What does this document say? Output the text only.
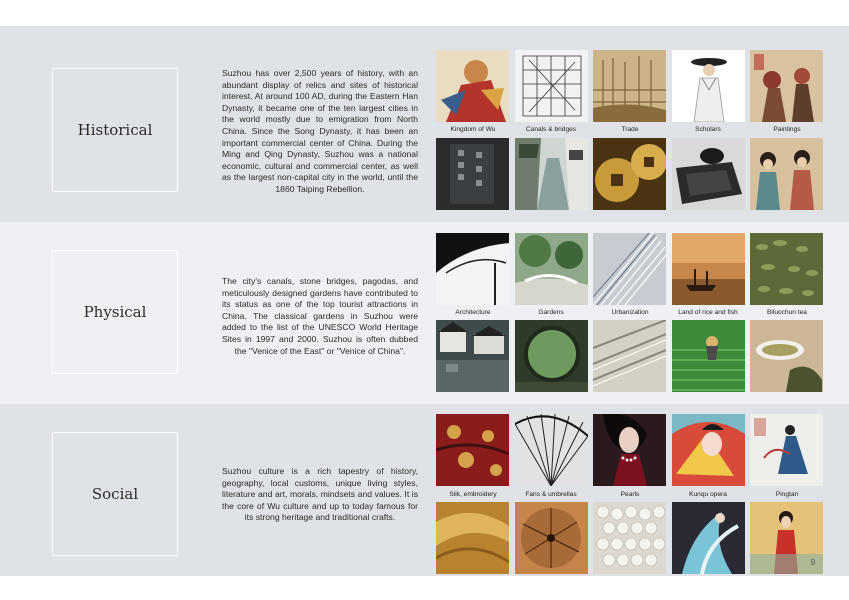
Historical

Suzhou has over 2,500 years of history, with an abundant display of relics and sites of historical interest. At around 100 AD, during the Eastern Han Dynasty, it became one of the ten largest cities in the world mostly due to emigration from North China. Since the Song Dynasty, it has been an important commercial center of China. During the Ming and Qing Dynasty, Suzhou was a national economic, cultural and commercial center, as well as the largest non-capital city in the world, until the 1860 Taiping Rebellion.

Physical

The city's canals, stone bridges, pagodas, and meticulously designed gardens have contributed to its status as one of the top tourist attractions in China. The classical gardens in Suzhou were added to the list of the UNESCO World Heritage Sites in 1997 and 2000. Suzhou is often dubbed the "Venice of the East" or "Venice of China".

Social

Suzhou culture is a rich tapestry of history, geography, local customs, unique living styles, literature and art, morals, mindsets and values. It is the core of Wu culture and up to today famous for its strong heritage and traditional crafts.

Kingdom of Wu	Canals & bridges	Trade	Scholars	Paintings
Architecture	Gardens	Urbanization	Land of rice and fish	Biluochun tea
Silk, embroidery	Fans & umbrellas	Pearls	Kunqu opera	Pingtan
9
